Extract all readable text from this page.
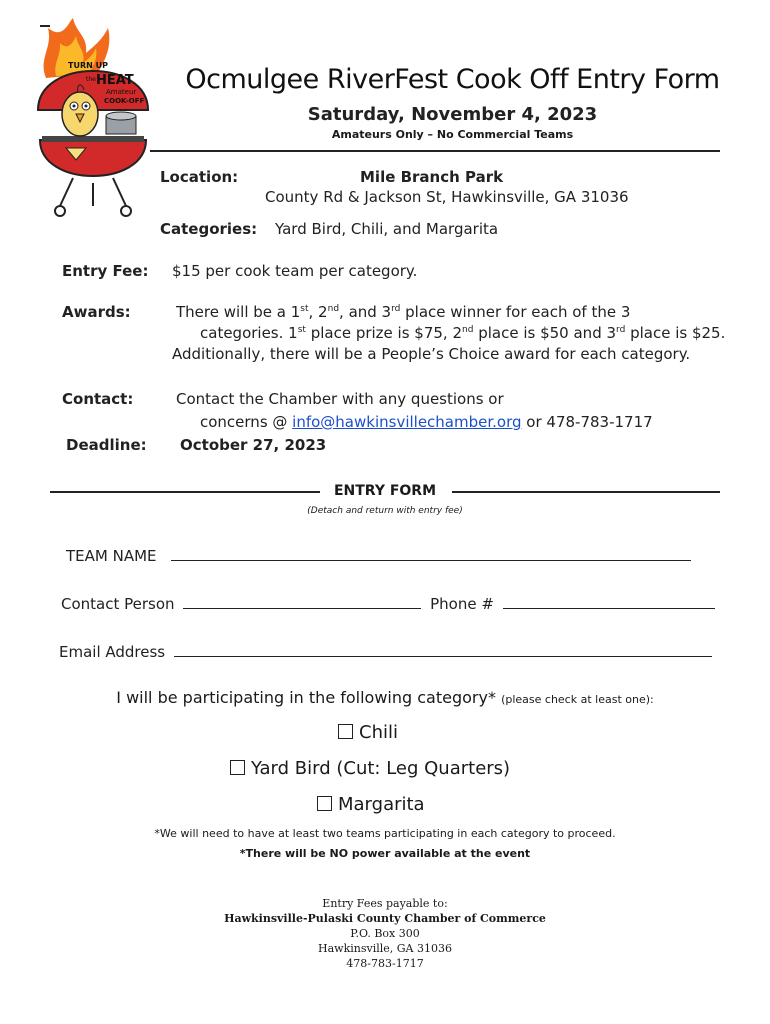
TURN UP
the HEAT
Amateur
COOK-OFF
Ocmulgee RiverFest Cook Off Entry Form
Saturday, November 4, 2023
Amateurs Only – No Commercial Teams
Location:	Mile Branch Park
County Rd & Jackson St, Hawkinsville, GA 31036
Categories: Yard Bird, Chili, and Margarita
Entry Fee: $15 per cook team per category.
Awards:	There will be a 1st, 2nd, and 3rd place winner for each of the 3
categories. 1st place prize is $75, 2nd place is $50 and 3rd place is $25.
Additionally, there will be a People’s Choice award for each category.
Contact:	Contact the Chamber with any questions or
concerns @ info@hawkinsvillechamber.org or 478-783-1717
Deadline: October 27, 2023
ENTRY FORM
(Detach and return with entry fee)
TEAM NAME
Contact Person	Phone #
Email Address
I will be participating in the following category* (please check at least one):
Chili
Yard Bird (Cut: Leg Quarters)
Margarita
*We will need to have at least two teams participating in each category to proceed.
*There will be NO power available at the event
Entry Fees payable to:
Hawkinsville-Pulaski County Chamber of Commerce
P.O. Box 300
Hawkinsville, GA 31036
478-783-1717
